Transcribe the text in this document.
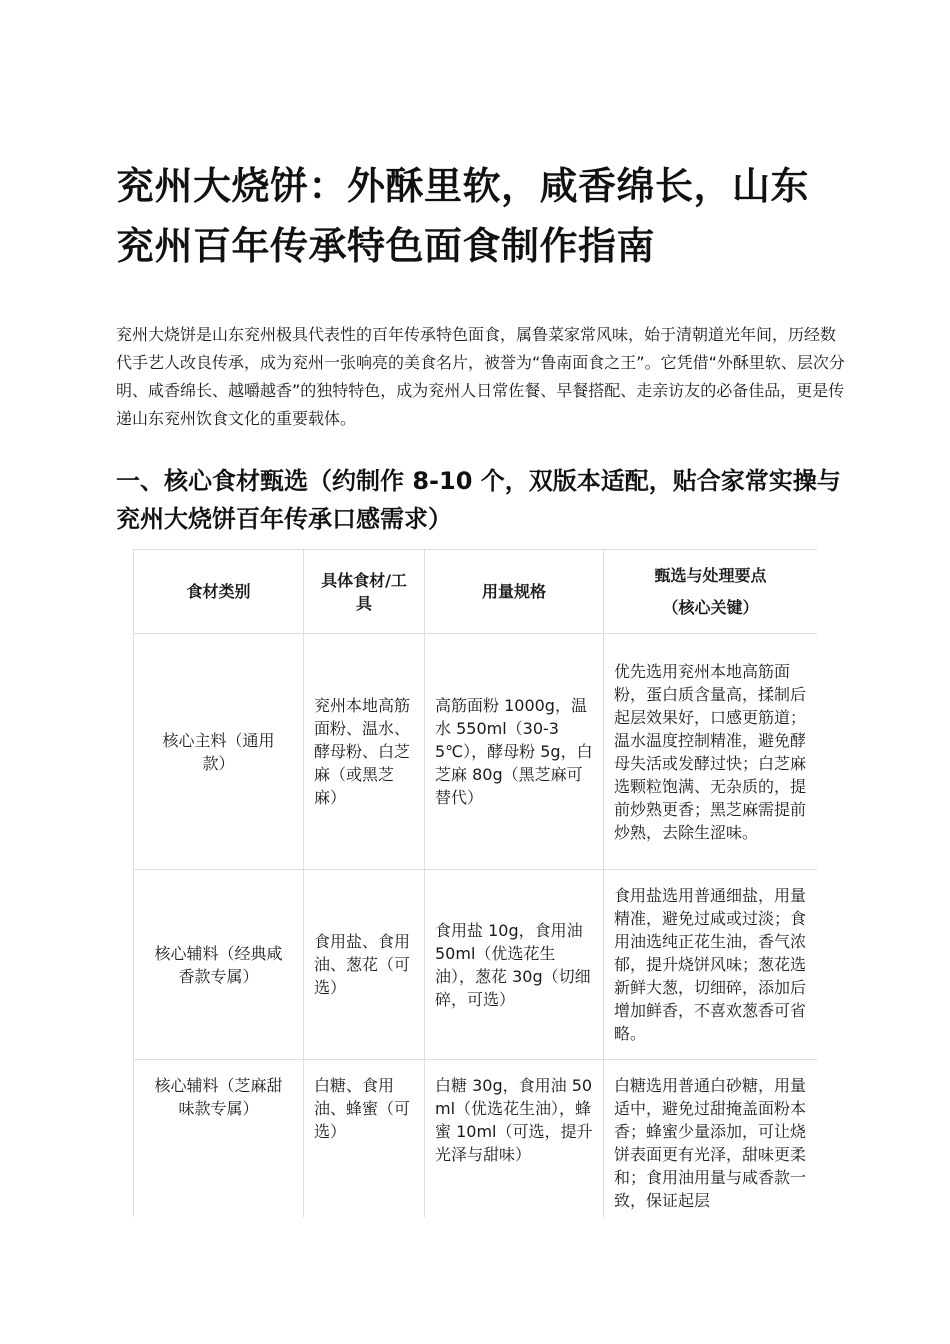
兖州大烧饼：外酥里软，咸香绵长，山东兖州百年传承特色面食制作指南

兖州大烧饼是山东兖州极具代表性的百年传承特色面食，属鲁菜家常风味，始于清朝道光年间，历经数代手艺人改良传承，成为兖州一张响亮的美食名片，被誉为“鲁南面食之王”。它凭借“外酥里软、层次分明、咸香绵长、越嚼越香”的独特特色，成为兖州人日常佐餐、早餐搭配、走亲访友的必备佳品，更是传递山东兖州饮食文化的重要载体。

一、核心食材甄选（约制作 8-10 个，双版本适配，贴合家常实操与兖州大烧饼百年传承口感需求）
食材类别	具体食材/工具	用量规格	甄选与处理要点
（核心关键）

核心主料（通用款）	兖州本地高筋面粉、温水、酵母粉、白芝麻（或黑芝麻）	高筋面粉 1000g，温水 550ml（30-35℃），酵母粉 5g，白芝麻 80g（黑芝麻可替代）	优先选用兖州本地高筋面粉，蛋白质含量高，揉制后起层效果好，口感更筋道；温水温度控制精准，避免酵母失活或发酵过快；白芝麻选颗粒饱满、无杂质的，提前炒熟更香；黑芝麻需提前炒熟，去除生涩味。
核心辅料（经典咸香款专属）	食用盐、食用油、葱花（可选）	食用盐 10g，食用油 50ml（优选花生油），葱花 30g（切细碎，可选）	食用盐选用普通细盐，用量精准，避免过咸或过淡；食用油选纯正花生油，香气浓郁，提升烧饼风味；葱花选新鲜大葱，切细碎，添加后增加鲜香，不喜欢葱香可省略。
核心辅料（芝麻甜味款专属）	白糖、食用油、蜂蜜（可选）	白糖 30g，食用油 50ml（优选花生油），蜂蜜 10ml（可选，提升光泽与甜味）	白糖选用普通白砂糖，用量适中，避免过甜掩盖面粉本香；蜂蜜少量添加，可让烧饼表面更有光泽，甜味更柔和；食用油用量与咸香款一致，保证起层
